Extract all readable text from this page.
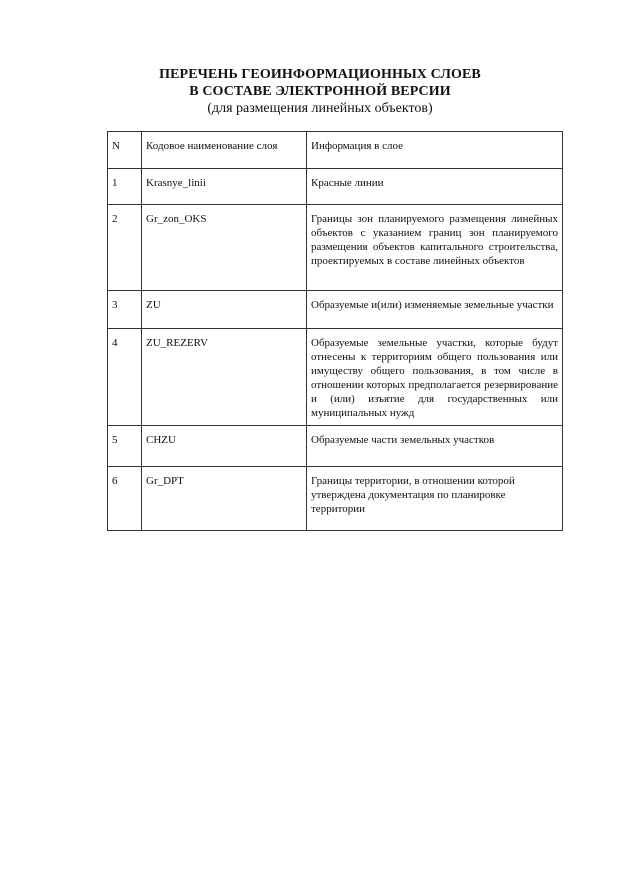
ПЕРЕЧЕНЬ ГЕОИНФОРМАЦИОННЫХ СЛОЕВ
В СОСТАВЕ ЭЛЕКТРОННОЙ ВЕРСИИ
(для размещения линейных объектов)
N	Кодовое наименование слоя	Информация в слое

1	Krasnye_linii	Красные линии

2	Gr_zon_OKS	Границы зон планируемого размещения линейных объектов с указанием границ зон планируемого размещения объектов капитального строительства, проектируемых в составе линейных объектов

3	ZU	Образуемые и(или) изменяемые земельные участки

4	ZU_REZERV	Образуемые земельные участки, которые будут отнесены к территориям общего пользования или имуществу общего пользования, в том числе в отношении которых предполагается резервирование и (или) изъятие для государственных или муниципальных нужд

5	CHZU	Образуемые части земельных участков

6	Gr_DPT	Границы территории, в отношении которой утверждена документация по планировке территории
